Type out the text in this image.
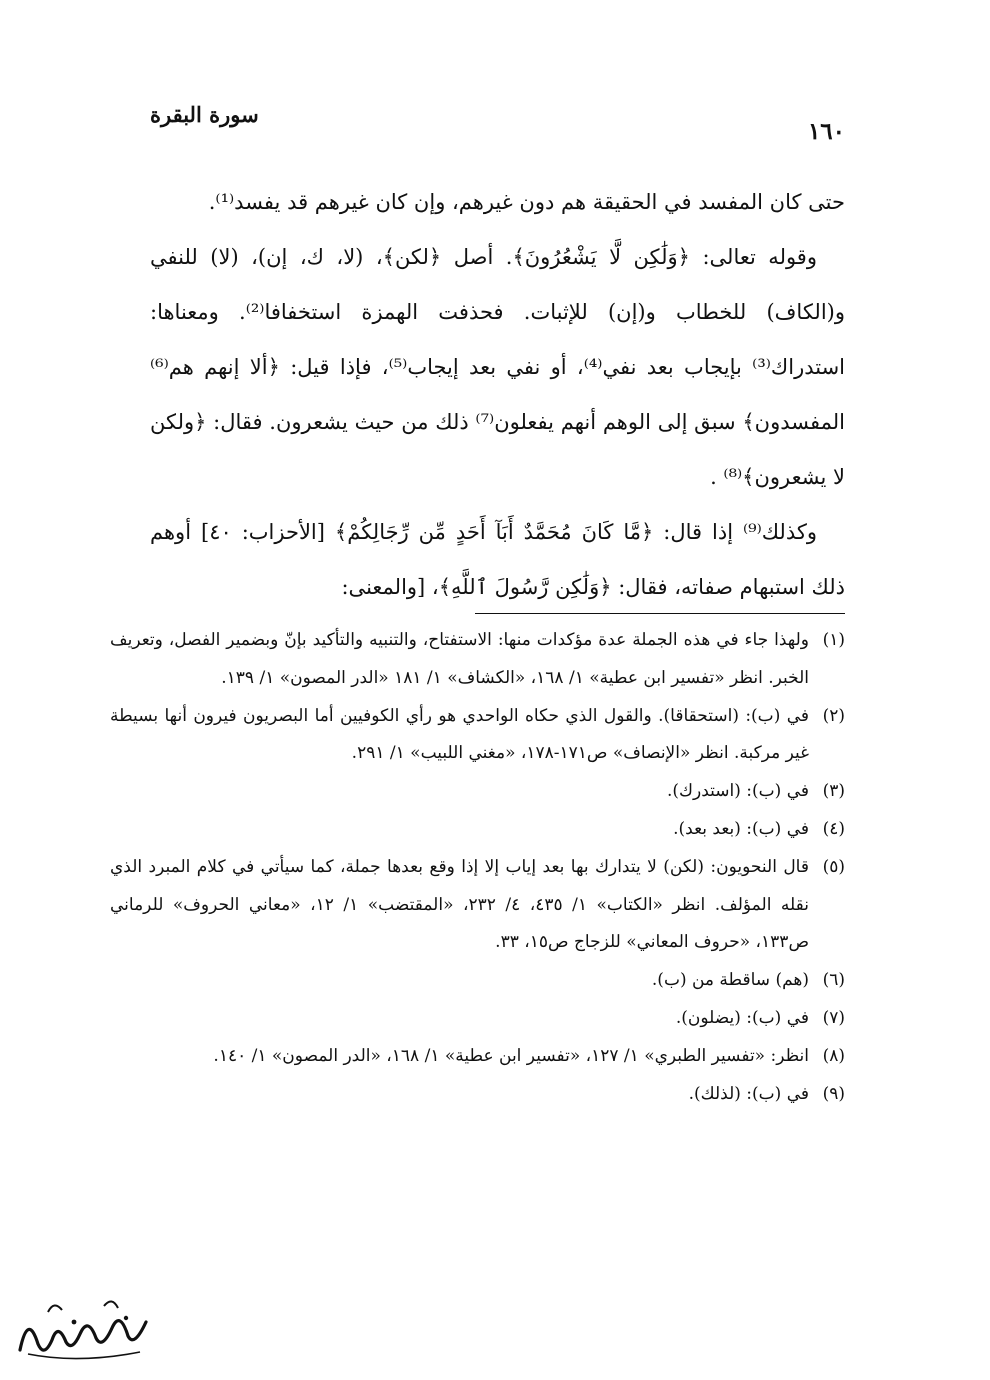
سورة البقرة
١٦٠

حتى كان المفسد في الحقيقة هم دون غيرهم، وإن كان غيرهم قد يفسد⁽¹⁾.

وقوله تعالى: ﴿وَلَٰكِن لَّا يَشْعُرُونَ﴾. أصل ﴿لكن﴾، (لا، ك، إن)، (لا) للنفي و(الكاف) للخطاب و(إن) للإثبات. فحذفت الهمزة استخفافا⁽²⁾. ومعناها: استدراك⁽³⁾ بإيجاب بعد نفي⁽⁴⁾، أو نفي بعد إيجاب⁽⁵⁾، فإذا قيل: ﴿ألا إنهم هم⁽⁶⁾ المفسدون﴾ سبق إلى الوهم أنهم يفعلون⁽⁷⁾ ذلك من حيث يشعرون. فقال: ﴿ولكن لا يشعرون﴾⁽⁸⁾ .

وكذلك⁽⁹⁾ إذا قال: ﴿مَّا كَانَ مُحَمَّدٌ أَبَآ أَحَدٍ مِّن رِّجَالِكُمْ﴾ [الأحزاب: ٤٠] أوهم ذلك استبهام صفاته، فقال: ﴿وَلَٰكِن رَّسُولَ ٱللَّهِ﴾، [والمعنى:

(١)
ولهذا جاء في هذه الجملة عدة مؤكدات منها: الاستفتاح، والتنبيه والتأكيد بإنّ وبضمير الفصل، وتعريف الخبر. انظر «تفسير ابن عطية» ١/ ١٦٨، «الكشاف» ١/ ١٨١ «الدر المصون» ١/ ١٣٩.

(٢)
في (ب): (استحقاقا). والقول الذي حكاه الواحدي هو رأي الكوفيين أما البصريون فيرون أنها بسيطة غير مركبة. انظر «الإنصاف» ص١٧١-١٧٨، «مغني اللبيب» ١/ ٢٩١.

(٣)
في (ب): (استدرك).

(٤)
في (ب): (بعد بعد).

(٥)
قال النحويون: (لكن) لا يتدارك بها بعد إياب إلا إذا وقع بعدها جملة، كما سيأتي في كلام المبرد الذي نقله المؤلف. انظر «الكتاب» ١/ ٤٣٥، ٤/ ٢٣٢، «المقتضب» ١/ ١٢، «معاني الحروف» للرماني ص١٣٣، «حروف المعاني» للزجاج ص١٥، ٣٣.

(٦)
(هم) ساقطة من (ب).

(٧)
في (ب): (يضلون).

(٨)
انظر: «تفسير الطبري» ١/ ١٢٧، «تفسير ابن عطية» ١/ ١٦٨، «الدر المصون» ١/ ١٤٠.

(٩)
في (ب): (لذلك).
